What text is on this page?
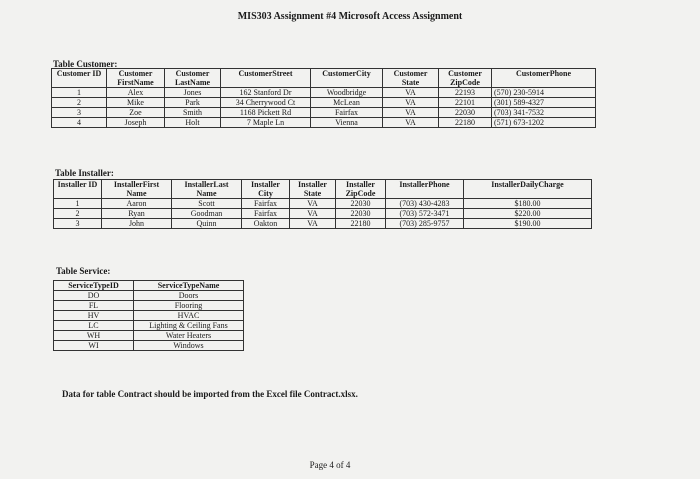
MIS303 Assignment #4 Microsoft Access Assignment
Table Customer:
Customer ID	Customer FirstName	Customer LastName	CustomerStreet	CustomerCity	Customer State	Customer ZipCode	CustomerPhone
1	Alex	Jones	162 Stanford Dr	Woodbridge	VA	22193	(570) 230-5914
2	Mike	Park	34 Cherrywood Ct	McLean	VA	22101	(301) 589-4327
3	Zoe	Smith	1168 Pickett Rd	Fairfax	VA	22030	(703) 341-7532
4	Joseph	Holt	7 Maple Ln	Vienna	VA	22180	(571) 673-1202
Table Installer:
Installer ID	InstallerFirst Name	InstallerLast Name	Installer City	Installer State	Installer ZipCode	InstallerPhone	InstallerDailyCharge
1	Aaron	Scott	Fairfax	VA	22030	(703) 430-4283	$180.00
2	Ryan	Goodman	Fairfax	VA	22030	(703) 572-3471	$220.00
3	John	Quinn	Oakton	VA	22180	(703) 285-9757	$190.00
Table Service:
ServiceTypeID	ServiceTypeName
DO	Doors
FL	Flooring
HV	HVAC
LC	Lighting & Ceiling Fans
WH	Water Heaters
WI	Windows
Data for table Contract should be imported from the Excel file Contract.xlsx.
Page 4 of 4
